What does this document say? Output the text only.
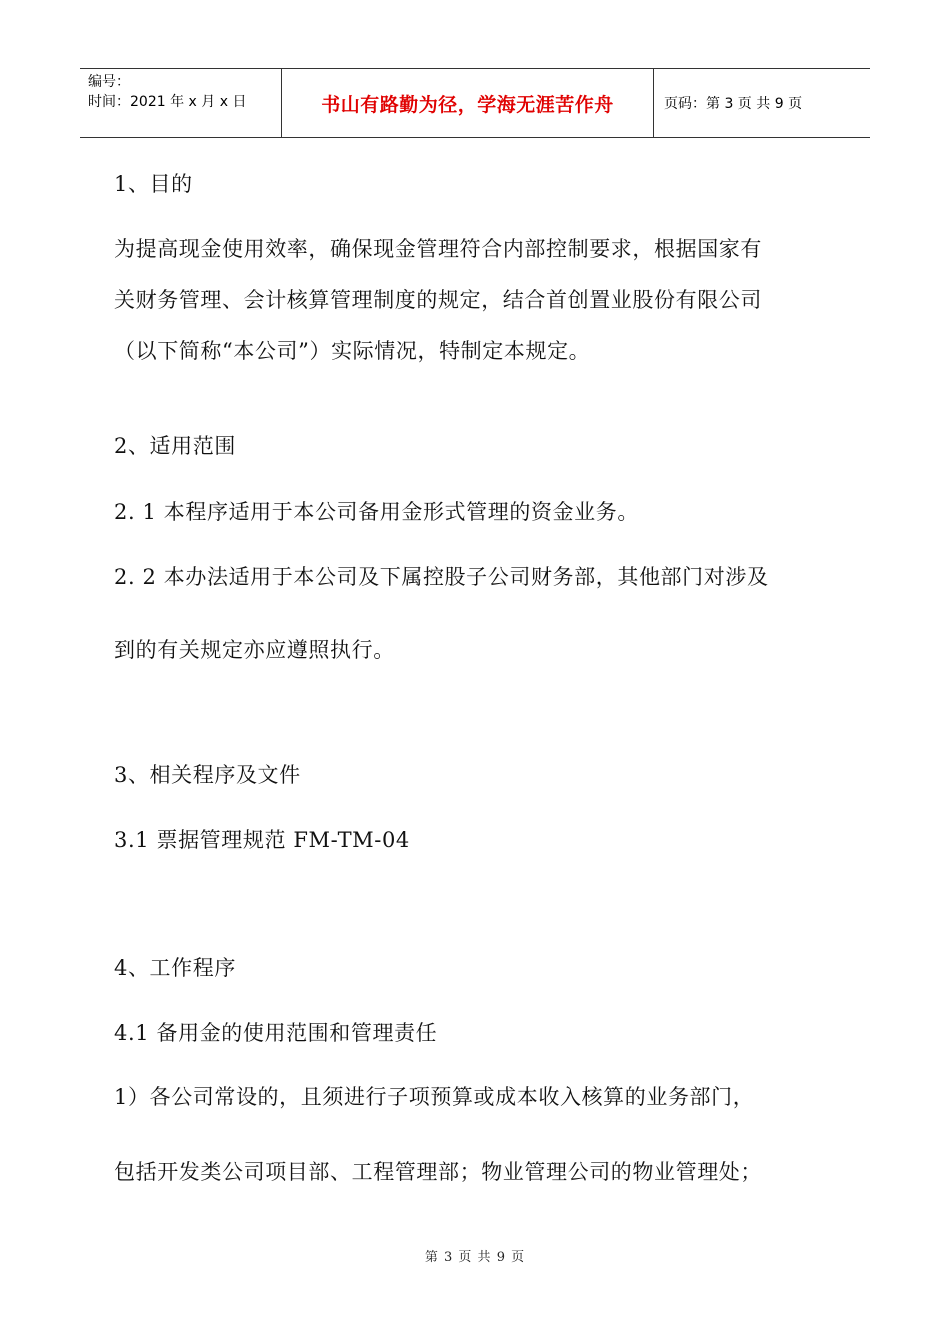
编号：
时间：2021 年 x 月 x 日	书山有路勤为径，学海无涯苦作舟	页码：第 3 页 共 9 页
1、目的
为提高现金使用效率，确保现金管理符合内部控制要求，根据国家有
关财务管理、会计核算管理制度的规定，结合首创置业股份有限公司
（以下简称“本公司”）实际情况，特制定本规定。
2、适用范围
2. 1 本程序适用于本公司备用金形式管理的资金业务。
2. 2 本办法适用于本公司及下属控股子公司财务部，其他部门对涉及
到的有关规定亦应遵照执行。
3、相关程序及文件
3.1 票据管理规范 FM-TM-04
4、工作程序
4.1 备用金的使用范围和管理责任
1）各公司常设的，且须进行子项预算或成本收入核算的业务部门，
包括开发类公司项目部、工程管理部；物业管理公司的物业管理处；
第 3 页 共 9 页
